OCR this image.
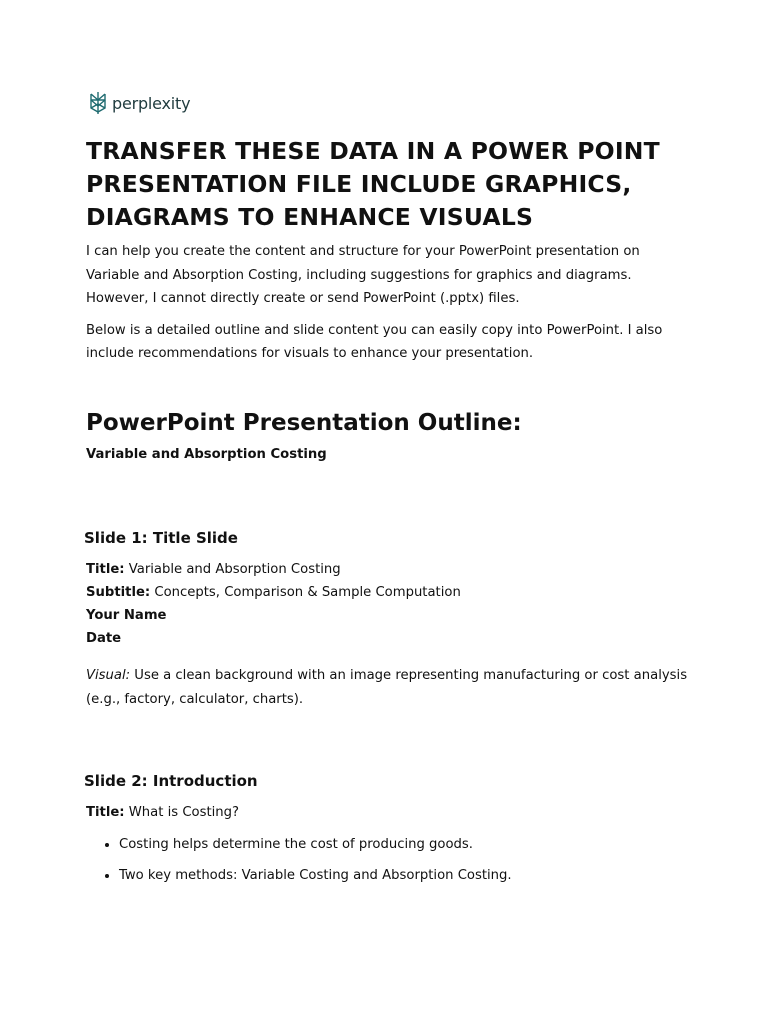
perplexity
TRANSFER THESE DATA IN A POWER POINT PRESENTATION FILE INCLUDE GRAPHICS, DIAGRAMS TO ENHANCE VISUALS

I can help you create the content and structure for your PowerPoint presentation on Variable and Absorption Costing, including suggestions for graphics and diagrams. However, I cannot directly create or send PowerPoint (.pptx) files.

Below is a detailed outline and slide content you can easily copy into PowerPoint. I also include recommendations for visuals to enhance your presentation.

PowerPoint Presentation Outline:

Variable and Absorption Costing

Slide 1: Title Slide
Title: Variable and Absorption Costing
Subtitle: Concepts, Comparison & Sample Computation
Your Name
Date

Visual: Use a clean background with an image representing manufacturing or cost analysis (e.g., factory, calculator, charts).

Slide 2: Introduction
Title: What is Costing?
• Costing helps determine the cost of producing goods.
• Two key methods: Variable Costing and Absorption Costing.
